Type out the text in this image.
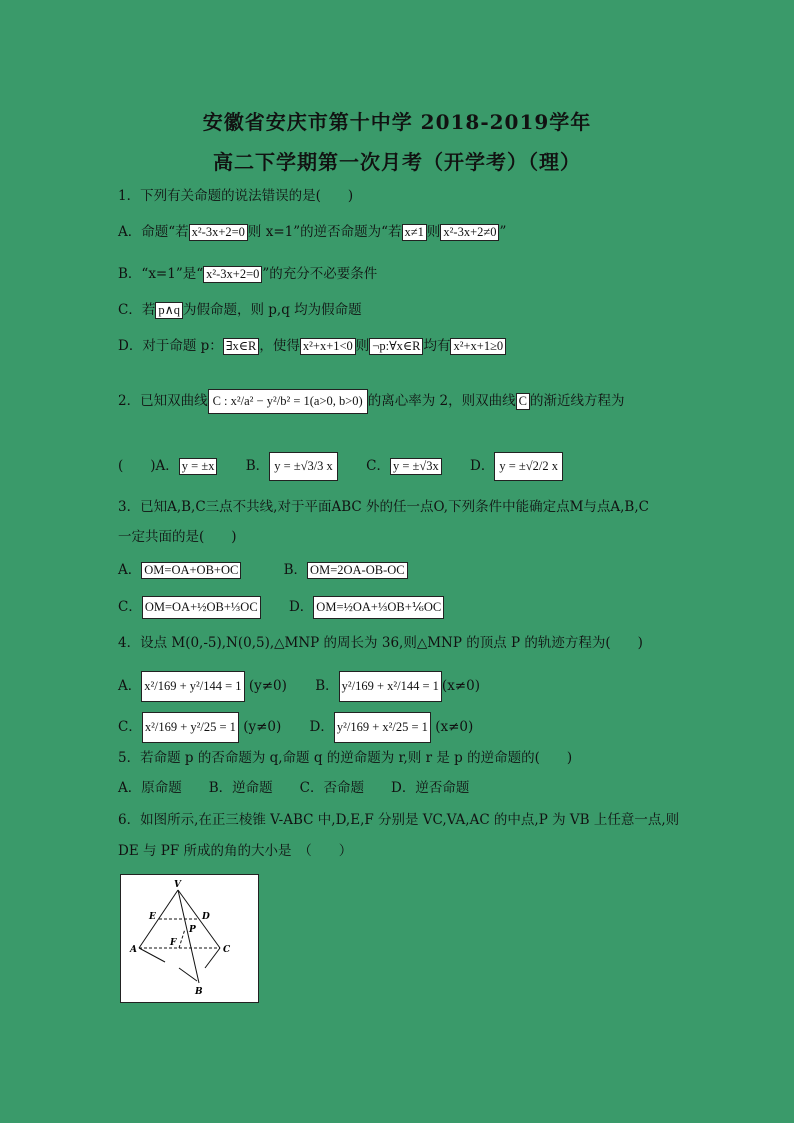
安徽省安庆市第十中学 2018-2019学年
高二下学期第一次月考（开学考）（理）
1．下列有关命题的说法错误的是(　　)
A．命题“若 x²-3x+2=0 则 x=1”的逆否命题为“若 x≠1 则 x²-3x+2≠0 ”
B．“x=1”是“ x²-3x+2=0 ”的充分不必要条件
C．若 p∧q 为假命题，则 p,q 均为假命题
D．对于命题 p： ∃x∈R ，使得 x²+x+1<0 则 ¬p:∀x∈R 均有 x²+x+1≥0
2．已知双曲线 C : x²/a² − y²/b² = 1(a>0, b>0) 的离心率为 2，则双曲线 C 的渐近线方程为
(　　)A． y = ±x B． y = ±√3/3 x C． y = ±√3x D． y = ±√2/2 x
3．已知A,B,C三点不共线,对于平面ABC 外的任一点O,下列条件中能确定点M与点A,B,C
一定共面的是(　　)
A． OM=OA+OB+OC	B． OM=2OA-OB-OC
C． OM=OA+½OB+⅓OC D． OM=½OA+⅓OB+⅙OC
4．设点 M(0,-5),N(0,5),△MNP 的周长为 36,则△MNP 的顶点 P 的轨迹方程为(　　)
A． x²/169 + y²/144 = 1 (y≠0) B． y²/169 + x²/144 = 1 (x≠0)
C． x²/169 + y²/25 = 1 (y≠0) D． y²/169 + x²/25 = 1 (x≠0)
5．若命题 p 的否命题为 q,命题 q 的逆命题为 r,则 r 是 p 的逆命题的(　　)
A．原命题　　B．逆命题　　C．否命题　　D．逆否命题
6．如图所示,在正三棱锥 V-ABC 中,D,E,F 分别是 VC,VA,AC 的中点,P 为 VB 上任意一点,则
DE 与 PF 所成的角的大小是　（　　）
V
E	D
P
F
A	C
B
